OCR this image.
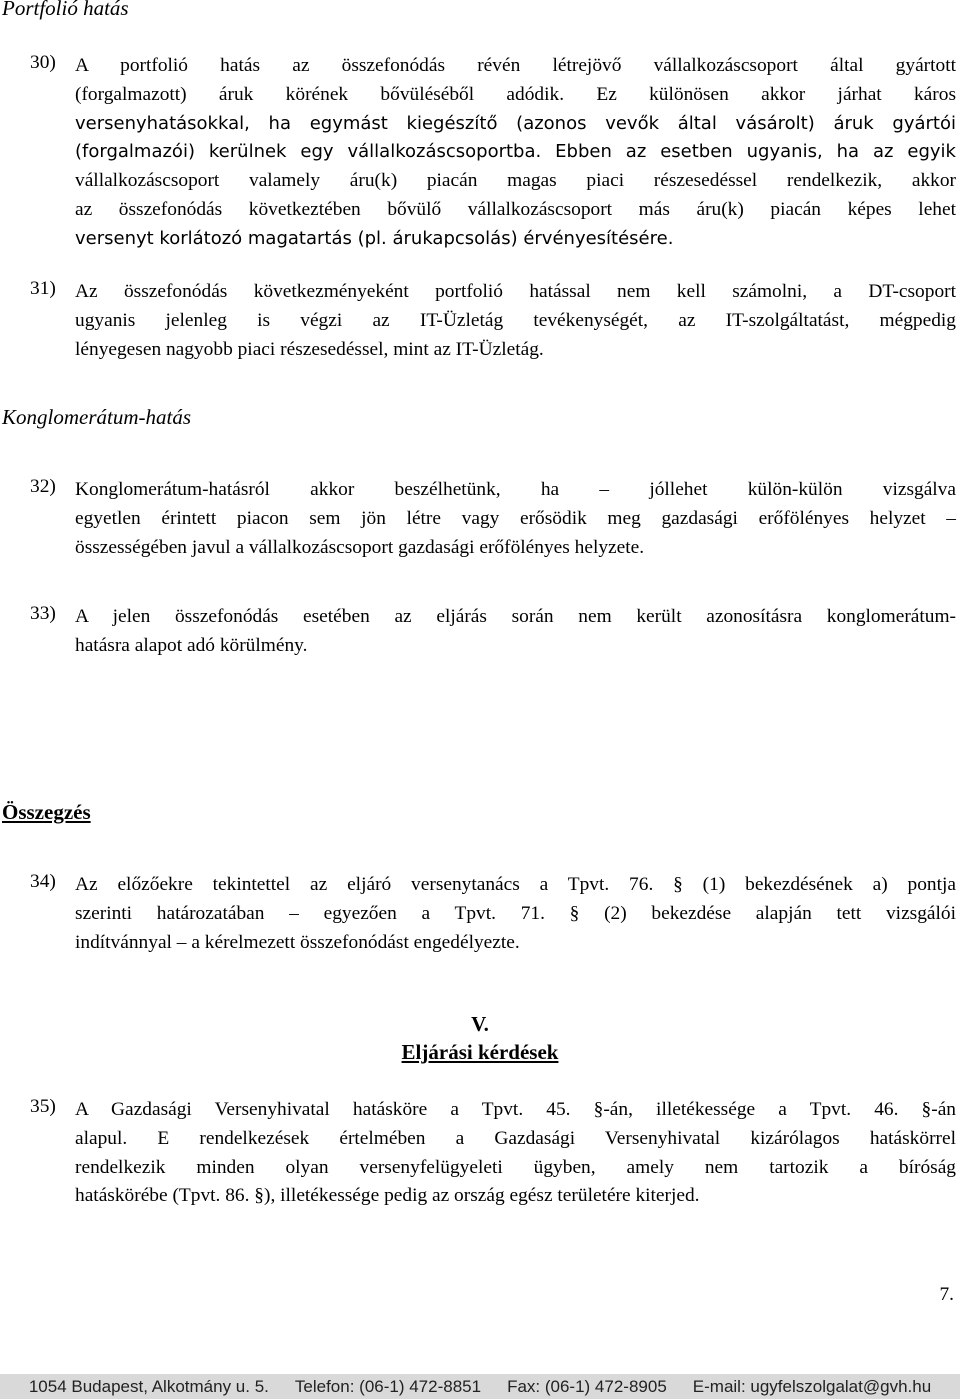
Portfolió hatás
30) A portfolió hatás az összefonódás révén létrejövő vállalkozáscsoport által gyártott
(forgalmazott) áruk körének bővüléséből adódik. Ez különösen akkor járhat káros
versenyhatásokkal, ha egymást kiegészítő (azonos vevők által vásárolt) áruk gyártói
(forgalmazói) kerülnek egy vállalkozáscsoportba. Ebben az esetben ugyanis, ha az egyik
vállalkozáscsoport valamely áru(k) piacán magas piaci részesedéssel rendelkezik, akkor
az összefonódás következtében bővülő vállalkozáscsoport más áru(k) piacán képes lehet
versenyt korlátozó magatartás (pl. árukapcsolás) érvényesítésére.
31) Az összefonódás következményeként portfolió hatással nem kell számolni, a DT-csoport
ugyanis jelenleg is végzi az IT-Üzletág tevékenységét, az IT-szolgáltatást, mégpedig
lényegesen nagyobb piaci részesedéssel, mint az IT-Üzletág.
Konglomerátum-hatás
32) Konglomerátum-hatásról akkor beszélhetünk, ha – jóllehet külön-külön vizsgálva
egyetlen érintett piacon sem jön létre vagy erősödik meg gazdasági erőfölényes helyzet –
összességében javul a vállalkozáscsoport gazdasági erőfölényes helyzete.
33) A jelen összefonódás esetében az eljárás során nem került azonosításra konglomerátum-
hatásra alapot adó körülmény.
Összegzés
34) Az előzőekre tekintettel az eljáró versenytanács a Tpvt. 76. § (1) bekezdésének a) pontja
szerinti határozatában – egyezően a Tpvt. 71. § (2) bekezdése alapján tett vizsgálói
indítvánnyal – a kérelmezett összefonódást engedélyezte.
V.
Eljárási kérdések
35) A Gazdasági Versenyhivatal hatásköre a Tpvt. 45. §-án, illetékessége a Tpvt. 46. §-án
alapul. E rendelkezések értelmében a Gazdasági Versenyhivatal kizárólagos hatáskörrel
rendelkezik minden olyan versenyfelügyeleti ügyben, amely nem tartozik a bíróság
hatáskörébe (Tpvt. 86. §), illetékessége pedig az ország egész területére kiterjed.
7.
1054 Budapest, Alkotmány u. 5. Telefon: (06-1) 472-8851 Fax: (06-1) 472-8905 E-mail: ugyfelszolgalat@gvh.hu
